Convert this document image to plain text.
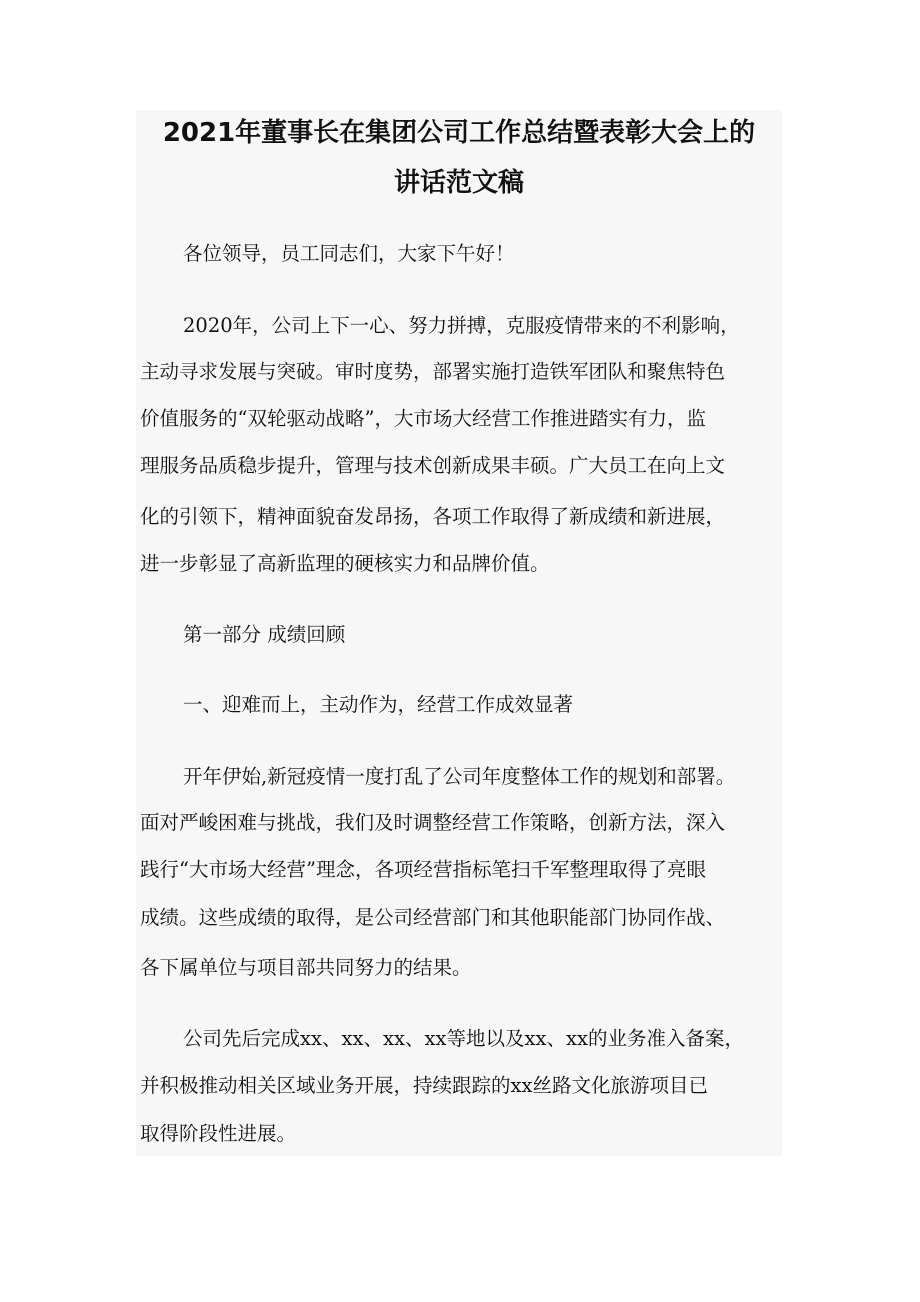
2021年董事长在集团公司工作总结暨表彰大会上的
讲话范文稿

各位领导，员工同志们，大家下午好！

2020年，公司上下一心、努力拼搏，克服疫情带来的不利影响，

主动寻求发展与突破。审时度势，部署实施打造铁军团队和聚焦特色

价值服务的“双轮驱动战略”，大市场大经营工作推进踏实有力，监

理服务品质稳步提升，管理与技术创新成果丰硕。广大员工在向上文

化的引领下，精神面貌奋发昂扬，各项工作取得了新成绩和新进展，

进一步彰显了高新监理的硬核实力和品牌价值。

第一部分 成绩回顾

一、迎难而上，主动作为，经营工作成效显著

开年伊始,新冠疫情一度打乱了公司年度整体工作的规划和部署。

面对严峻困难与挑战，我们及时调整经营工作策略，创新方法，深入

践行“大市场大经营”理念，各项经营指标笔扫千军整理取得了亮眼

成绩。这些成绩的取得，是公司经营部门和其他职能部门协同作战、

各下属单位与项目部共同努力的结果。

公司先后完成xx、xx、xx、xx等地以及xx、xx的业务准入备案，

并积极推动相关区域业务开展，持续跟踪的xx丝路文化旅游项目已

取得阶段性进展。
